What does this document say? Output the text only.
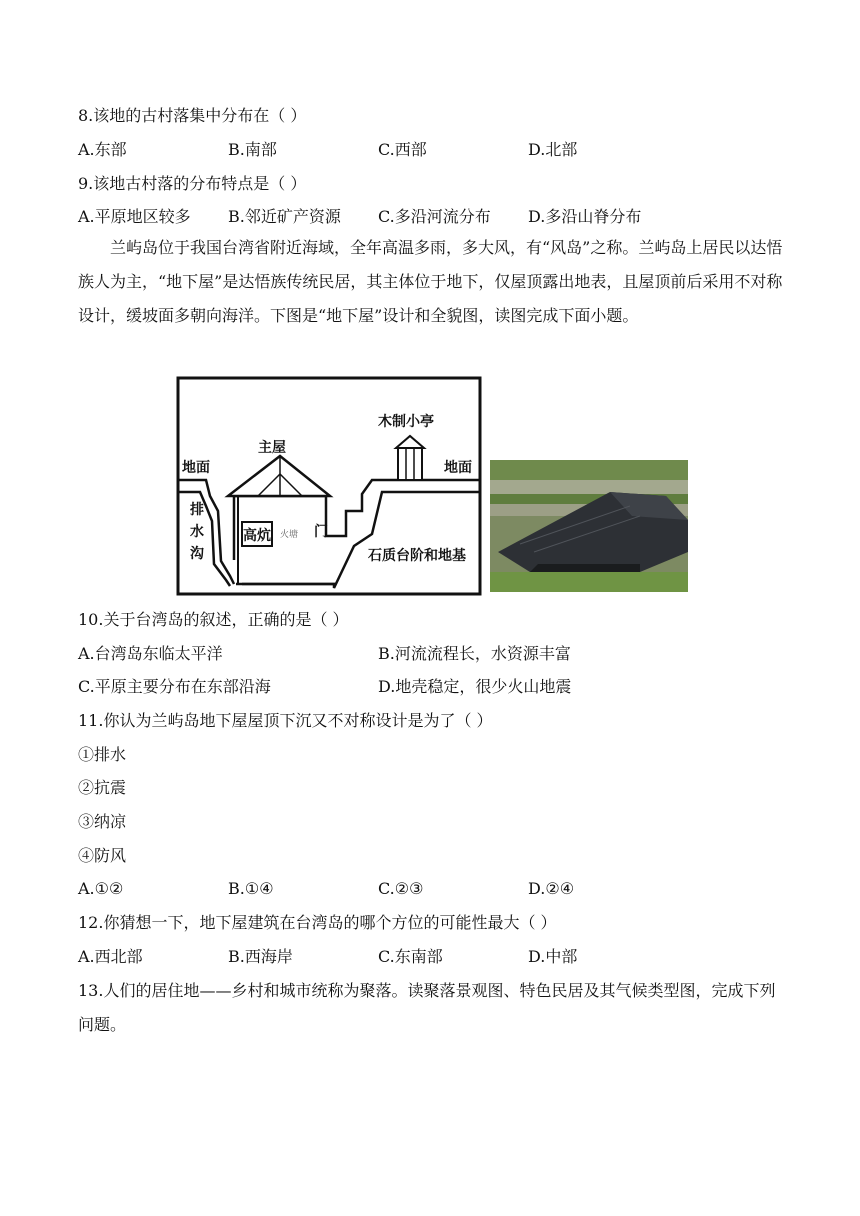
8.该地的古村落集中分布在（ ）
A.东部	B.南部	C.西部	D.北部
9.该地古村落的分布特点是（ ）
A.平原地区较多 B.邻近矿产资源 C.多沿河流分布 D.多沿山脊分布
兰屿岛位于我国台湾省附近海域，全年高温多雨，多大风，有“风岛”之称。兰屿岛上居民以达悟族人为主，“地下屋”是达悟族传统民居，其主体位于地下，仅屋顶露出地表，且屋顶前后采用不对称设计，缓坡面多朝向海洋。下图是“地下屋”设计和全貌图，读图完成下面小题。
地面	地面
主屋
木制小亭
高炕 火塘 门
排
水
沟	石质台阶和地基
10.关于台湾岛的叙述，正确的是（ ）
A.台湾岛东临太平洋	B.河流流程长，水资源丰富
C.平原主要分布在东部沿海	D.地壳稳定，很少火山地震
11.你认为兰屿岛地下屋屋顶下沉又不对称设计是为了（ ）
①排水
②抗震
③纳凉
④防风
A.①②	B.①④	C.②③	D.②④
12.你猜想一下，地下屋建筑在台湾岛的哪个方位的可能性最大（ ）
A.西北部	B.西海岸	C.东南部	D.中部
13.人们的居住地——乡村和城市统称为聚落。读聚落景观图、特色民居及其气候类型图，完成下列问题。
